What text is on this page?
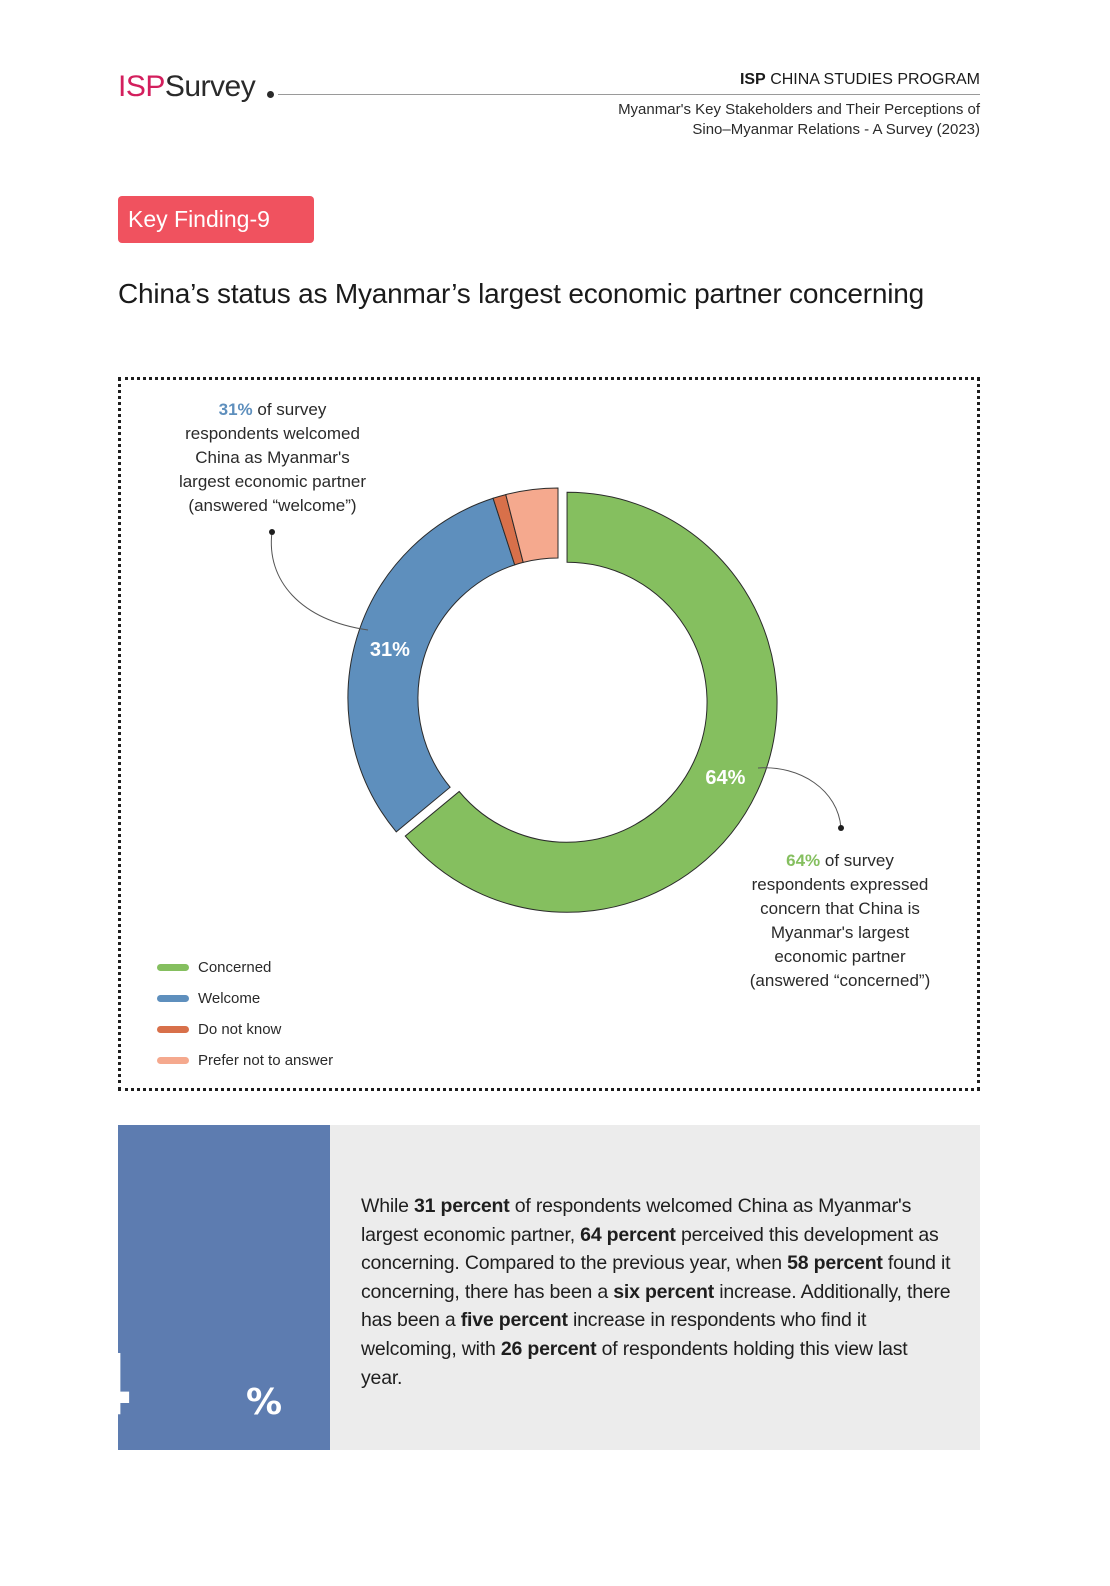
ISPSurvey	ISP CHINA STUDIES PROGRAM
Myanmar's Key Stakeholders and Their Perceptions of
Sino–Myanmar Relations - A Survey (2023)
Key Finding-9
China’s status as Myanmar’s largest economic partner concerning
64%
31%
31% of survey
respondents welcomed
China as Myanmar's
largest economic partner
(answered “welcome”)
64% of survey
respondents expressed
concern that China is
Myanmar's largest
economic partner
(answered “concerned”)
Concerned
Welcome
Do not know
Prefer not to answer
64	%
While 31 percent of respondents welcomed China as Myanmar's largest economic partner, 64 percent perceived this development as concerning. Compared to the previous year, when 58 percent found it concerning, there has been a six percent increase. Additionally, there has been a five percent increase in respondents who find it welcoming, with 26 percent of respondents holding this view last year.
